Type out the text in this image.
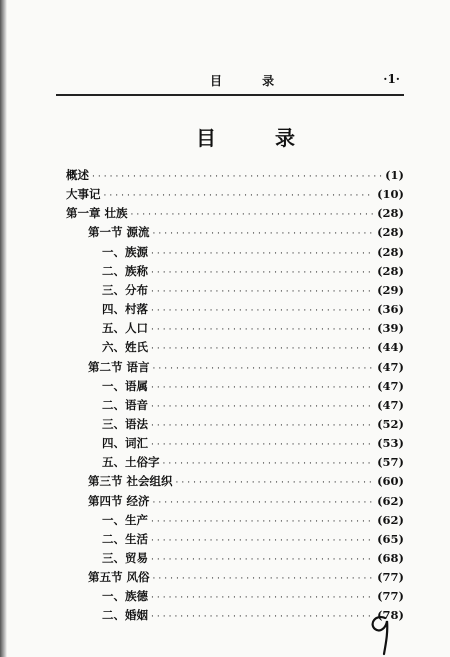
目 录	·1·
目 录
概述 ·····	(1)
大事记 ·····	(10)
第一章 壮族 ·····	(28)
第一节 源流 ·····	(28)
一、族源 ·····	(28)
二、族称 ·····	(28)
三、分布 ·····	(29)
四、村落 ·····	(36)
五、人口 ·····	(39)
六、姓氏 ·····	(44)
第二节 语言 ·····	(47)
一、语属 ·····	(47)
二、语音 ·····	(47)
三、语法 ·····	(52)
四、词汇 ·····	(53)
五、土俗字 ·····	(57)
第三节 社会组织 ·····	(60)
第四节 经济 ·····	(62)
一、生产 ·····	(62)
二、生活 ·····	(65)
三、贸易 ·····	(68)
第五节 风俗 ·····	(77)
一、族德 ·····	(77)
二、婚姻 ·····	(78)
